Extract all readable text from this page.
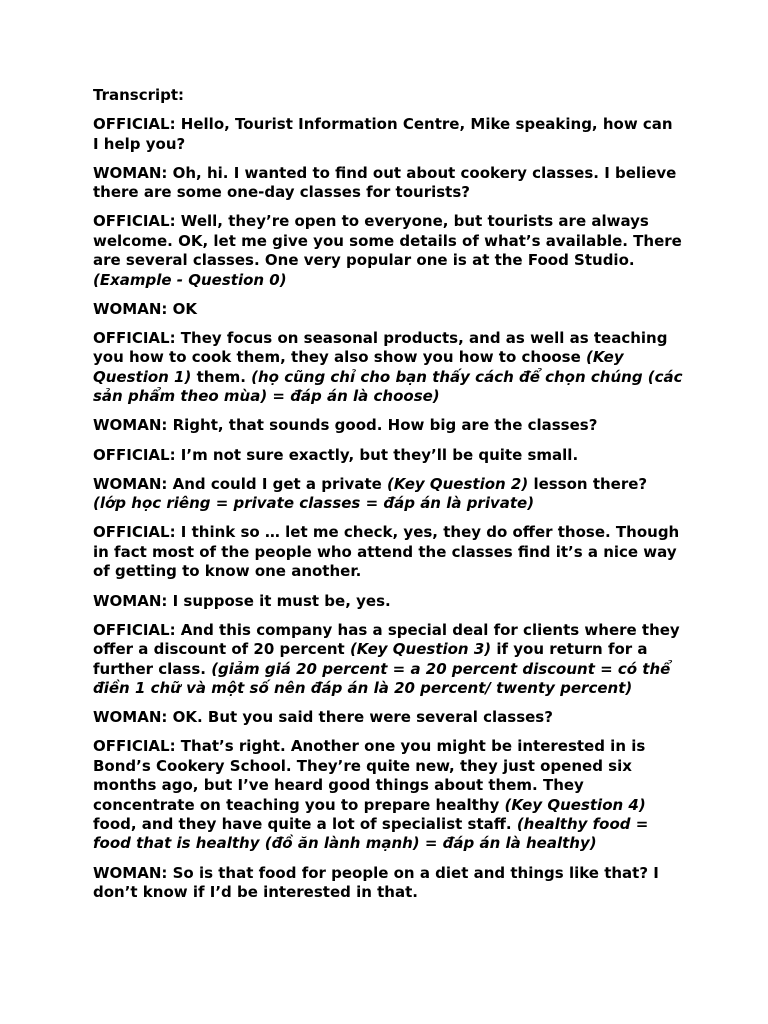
Transcript:
OFFICIAL: Hello, Tourist Information Centre, Mike speaking, how can I help you?
WOMAN: Oh, hi. I wanted to find out about cookery classes. I believe there are some one-day classes for tourists?
OFFICIAL: Well, they’re open to everyone, but tourists are always welcome. OK, let me give you some details of what’s available. There are several classes. One very popular one is at the Food Studio. (Example - Question 0)
WOMAN: OK
OFFICIAL: They focus on seasonal products, and as well as teaching you how to cook them, they also show you how to choose (Key Question 1) them. (họ cũng chỉ cho bạn thấy cách để chọn chúng (các sản phẩm theo mùa) = đáp án là choose)
WOMAN: Right, that sounds good. How big are the classes?
OFFICIAL: I’m not sure exactly, but they’ll be quite small.
WOMAN: And could I get a private (Key Question 2) lesson there? (lớp học riêng = private classes = đáp án là private)
OFFICIAL: I think so … let me check, yes, they do offer those. Though in fact most of the people who attend the classes find it’s a nice way of getting to know one another.
WOMAN: I suppose it must be, yes.
OFFICIAL: And this company has a special deal for clients where they offer a discount of 20 percent (Key Question 3) if you return for a further class. (giảm giá 20 percent = a 20 percent discount = có thể điền 1 chữ và một số nên đáp án là 20 percent/ twenty percent)
WOMAN: OK. But you said there were several classes?
OFFICIAL: That’s right. Another one you might be interested in is Bond’s Cookery School. They’re quite new, they just opened six months ago, but I’ve heard good things about them. They concentrate on teaching you to prepare healthy (Key Question 4) food, and they have quite a lot of specialist staff. (healthy food = food that is healthy (đồ ăn lành mạnh) = đáp án là healthy)
WOMAN: So is that food for people on a diet and things like that? I don’t know if I’d be interested in that.
